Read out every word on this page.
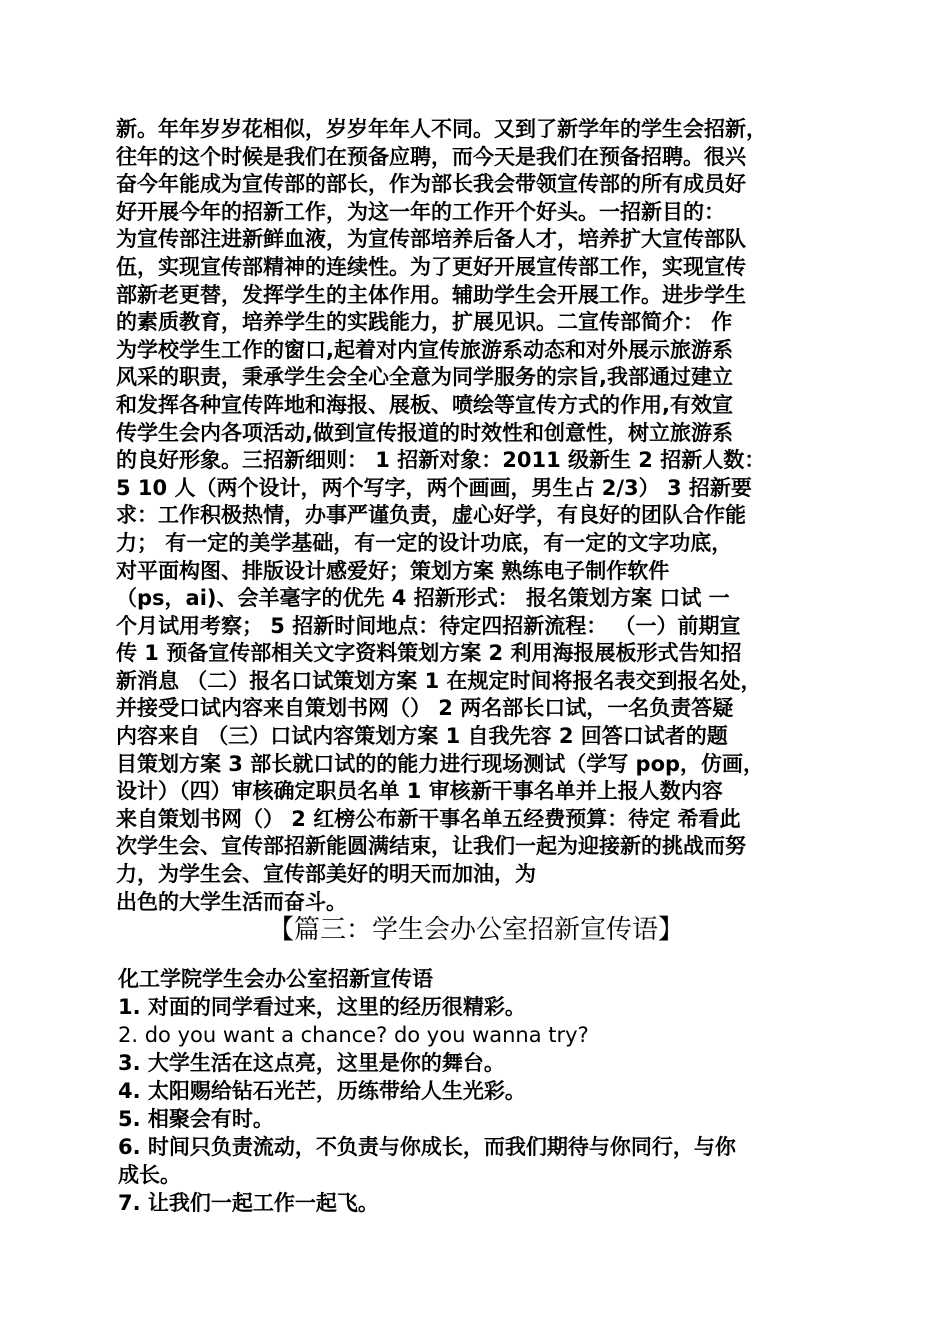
新。年年岁岁花相似，岁岁年年人不同。又到了新学年的学生会招新，
往年的这个时候是我们在预备应聘，而今天是我们在预备招聘。很兴
奋今年能成为宣传部的部长，作为部长我会带领宣传部的所有成员好
好开展今年的招新工作，为这一年的工作开个好头。一招新目的：
为宣传部注进新鲜血液，为宣传部培养后备人才，培养扩大宣传部队
伍，实现宣传部精神的连续性。为了更好开展宣传部工作，实现宣传
部新老更替，发挥学生的主体作用。辅助学生会开展工作。进步学生
的素质教育，培养学生的实践能力，扩展见识。二宣传部简介： 作
为学校学生工作的窗口,起着对内宣传旅游系动态和对外展示旅游系
风采的职责，秉承学生会全心全意为同学服务的宗旨,我部通过建立
和发挥各种宣传阵地和海报、展板、喷绘等宣传方式的作用,有效宣
传学生会内各项活动,做到宣传报道的时效性和创意性，树立旅游系
的良好形象。三招新细则： 1 招新对象：2011 级新生 2 招新人数：
5 10 人（两个设计，两个写字，两个画画，男生占 2/3） 3 招新要
求：工作积极热情，办事严谨负责，虚心好学，有良好的团队合作能
力； 有一定的美学基础，有一定的设计功底，有一定的文字功底，
对平面构图、排版设计感爱好；策划方案 熟练电子制作软件
（ps，ai)、会羊毫字的优先 4 招新形式： 报名策划方案 口试 一
个月试用考察； 5 招新时间地点：待定四招新流程： （一）前期宣
传 1 预备宣传部相关文字资料策划方案 2 利用海报展板形式告知招
新消息 （二）报名口试策划方案 1 在规定时间将报名表交到报名处，
并接受口试内容来自策划书网（） 2 两名部长口试，一名负责答疑
内容来自 （三）口试内容策划方案 1 自我先容 2 回答口试者的题
目策划方案 3 部长就口试的的能力进行现场测试（学写 pop，仿画，
设计）（四）审核确定职员名单 1 审核新干事名单并上报人数内容
来自策划书网（） 2 红榜公布新干事名单五经费预算：待定 希看此
次学生会、宣传部招新能圆满结束，让我们一起为迎接新的挑战而努
力，为学生会、宣传部美好的明天而加油，为
出色的大学生活而奋斗。
【篇三：学生会办公室招新宣传语】
化工学院学生会办公室招新宣传语
1. 对面的同学看过来，这里的经历很精彩。
2. do you want a chance? do you wanna try?
3. 大学生活在这点亮，这里是你的舞台。
4. 太阳赐给钻石光芒，历练带给人生光彩。
5. 相聚会有时。
6. 时间只负责流动，不负责与你成长，而我们期待与你同行，与你
成长。
7. 让我们一起工作一起飞。
